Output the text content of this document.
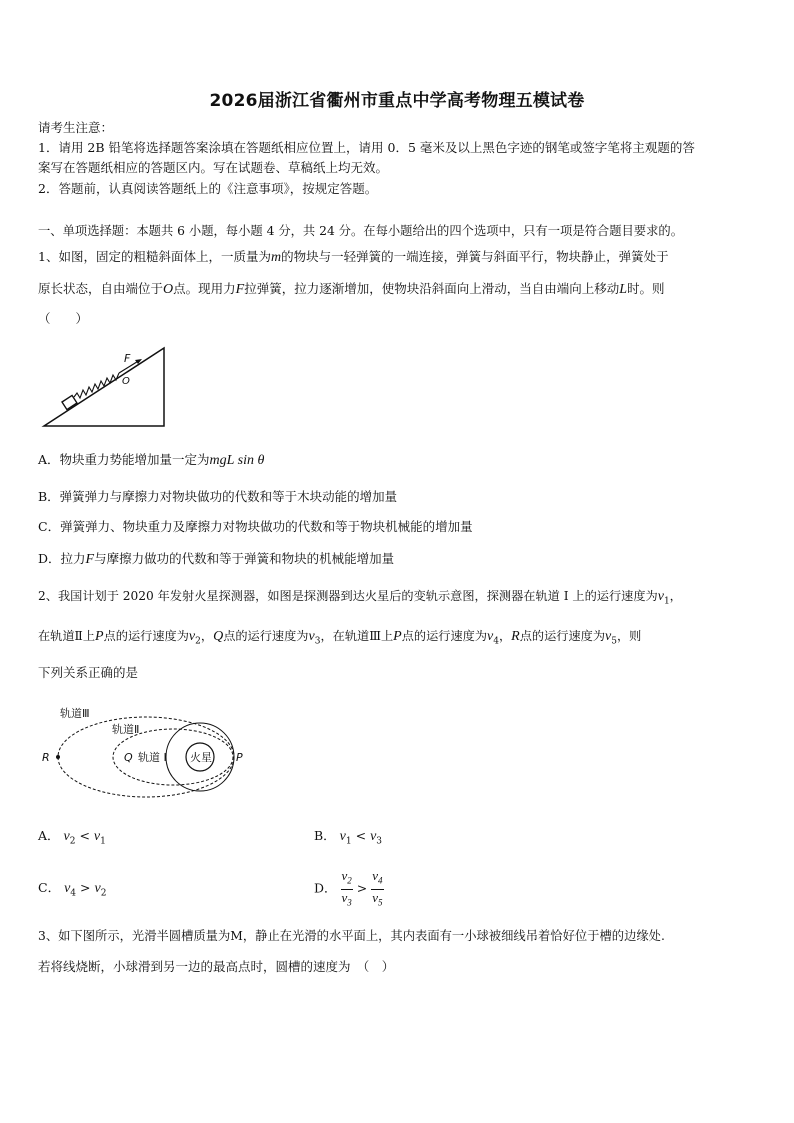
2026届浙江省衢州市重点中学高考物理五模试卷
请考生注意：
1．请用 2B 铅笔将选择题答案涂填在答题纸相应位置上，请用 0．5 毫米及以上黑色字迹的钢笔或签字笔将主观题的答
案写在答题纸相应的答题区内。写在试题卷、草稿纸上均无效。
2．答题前，认真阅读答题纸上的《注意事项》，按规定答题。
一、单项选择题：本题共 6 小题，每小题 4 分，共 24 分。在每小题给出的四个选项中，只有一项是符合题目要求的。
1、如图，固定的粗糙斜面体上，一质量为m的物块与一轻弹簧的一端连接，弹簧与斜面平行，物块静止，弹簧处于
原长状态，自由端位于O点。现用力F拉弹簧，拉力逐渐增加，使物块沿斜面向上滑动，当自由端向上移动L时。则
（　　）
F
O
A．物块重力势能增加量一定为mgL sin θ
B．弹簧弹力与摩擦力对物块做功的代数和等于木块动能的增加量
C．弹簧弹力、物块重力及摩擦力对物块做功的代数和等于物块机械能的增加量
D．拉力F与摩擦力做功的代数和等于弹簧和物块的机械能增加量
2、我国计划于 2020 年发射火星探测器，如图是探测器到达火星后的变轨示意图，探测器在轨道 I 上的运行速度为$v_1$，
在轨道Ⅱ上P点的运行速度为$v_2$，Q点的运行速度为$v_3$，在轨道Ⅲ上P点的运行速度为$v_4$，R点的运行速度为$v_5$，则
下列关系正确的是
火星
轨道Ⅲ
轨道Ⅱ
轨道 I
R	Q	P
A． $v_2 < v_1$	B． $v_1 < v_3$
C． $v_4 > v_2$	D． $\frac{v_2}{v_3} > \frac{v_4}{v_5}$
3、如下图所示，光滑半圆槽质量为M，静止在光滑的水平面上，其内表面有一小球被细线吊着恰好位于槽的边缘处.
若将线烧断，小球滑到另一边的最高点时，圆槽的速度为　（　）
